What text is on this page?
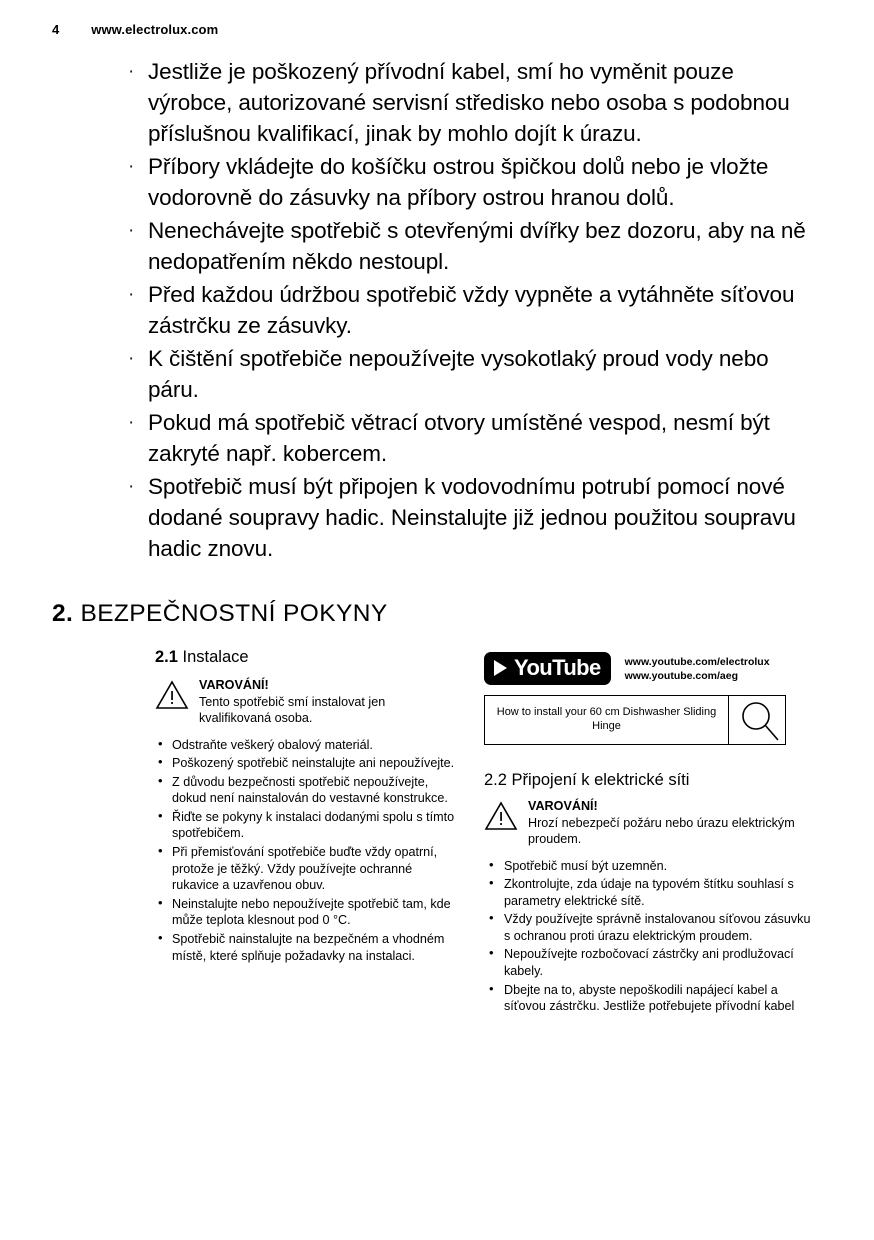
4 www.electrolux.com
· Jestliže je poškozený přívodní kabel, smí ho vyměnit pouze výrobce, autorizované servisní středisko nebo osoba s podobnou příslušnou kvalifikací, jinak by mohlo dojít k úrazu.
· Příbory vkládejte do košíčku ostrou špičkou dolů nebo je vložte vodorovně do zásuvky na příbory ostrou hranou dolů.
· Nenechávejte spotřebič s otevřenými dvířky bez dozoru, aby na ně nedopatřením někdo nestoupl.
· Před každou údržbou spotřebič vždy vypněte a vytáhněte síťovou zástrčku ze zásuvky.
· K čištění spotřebiče nepoužívejte vysokotlaký proud vody nebo páru.
· Pokud má spotřebič větrací otvory umístěné vespod, nesmí být zakryté např. kobercem.
· Spotřebič musí být připojen k vodovodnímu potrubí pomocí nové dodané soupravy hadic. Neinstalujte již jednou použitou soupravu hadic znovu.
2. BEZPEČNOSTNÍ POKYNY
2.1 Instalace
VAROVÁNÍ!
Tento spotřebič smí instalovat jen kvalifikovaná osoba.
• Odstraňte veškerý obalový materiál.
• Poškozený spotřebič neinstalujte ani nepoužívejte.
• Z důvodu bezpečnosti spotřebič nepoužívejte, dokud není nainstalován do vestavné konstrukce.
• Řiďte se pokyny k instalaci dodanými spolu s tímto spotřebičem.
• Při přemisťování spotřebiče buďte vždy opatrní, protože je těžký. Vždy používejte ochranné rukavice a uzavřenou obuv.
• Neinstalujte nebo nepoužívejte spotřebič tam, kde může teplota klesnout pod 0 °C.
• Spotřebič nainstalujte na bezpečném a vhodném místě, které splňuje požadavky na instalaci.
YouTube www.youtube.com/electrolux
www.youtube.com/aeg
How to install your 60 cm Dishwasher Sliding Hinge
2.2 Připojení k elektrické síti
VAROVÁNÍ!
Hrozí nebezpečí požáru nebo úrazu elektrickým proudem.
• Spotřebič musí být uzemněn.
• Zkontrolujte, zda údaje na typovém štítku souhlasí s parametry elektrické sítě.
• Vždy používejte správně instalovanou síťovou zásuvku s ochranou proti úrazu elektrickým proudem.
• Nepoužívejte rozbočovací zástrčky ani prodlužovací kabely.
• Dbejte na to, abyste nepoškodili napájecí kabel a síťovou zástrčku. Jestliže potřebujete přívodní kabel
